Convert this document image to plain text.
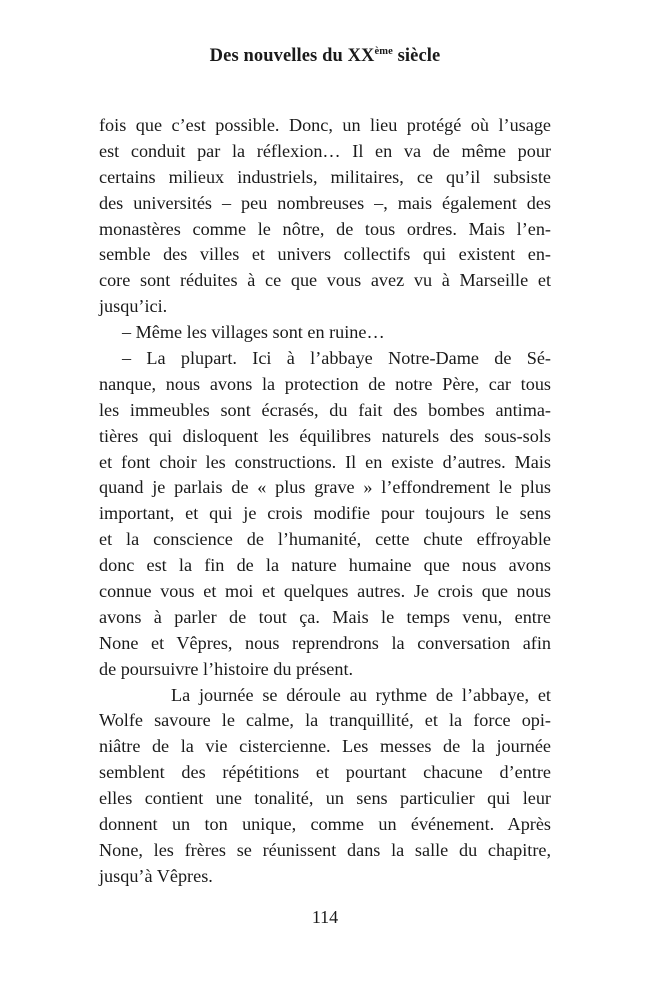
Des nouvelles du XXème siècle
fois que c’est possible. Donc, un lieu protégé où l’usage
est conduit par la réflexion… Il en va de même pour
certains milieux industriels, militaires, ce qu’il subsiste
des universités – peu nombreuses –, mais également des
monastères comme le nôtre, de tous ordres. Mais l’en-
semble des villes et univers collectifs qui existent en-
core sont réduites à ce que vous avez vu à Marseille et
jusqu’ici.
– Même les villages sont en ruine…
– La plupart. Ici à l’abbaye Notre-Dame de Sé-
nanque, nous avons la protection de notre Père, car tous
les immeubles sont écrasés, du fait des bombes antima-
tières qui disloquent les équilibres naturels des sous-sols
et font choir les constructions. Il en existe d’autres. Mais
quand je parlais de « plus grave » l’effondrement le plus
important, et qui je crois modifie pour toujours le sens
et la conscience de l’humanité, cette chute effroyable
donc est la fin de la nature humaine que nous avons
connue vous et moi et quelques autres. Je crois que nous
avons à parler de tout ça. Mais le temps venu, entre
None et Vêpres, nous reprendrons la conversation afin
de poursuivre l’histoire du présent.
La journée se déroule au rythme de l’abbaye, et
Wolfe savoure le calme, la tranquillité, et la force opi-
niâtre de la vie cistercienne. Les messes de la journée
semblent des répétitions et pourtant chacune d’entre
elles contient une tonalité, un sens particulier qui leur
donnent un ton unique, comme un événement. Après
None, les frères se réunissent dans la salle du chapitre,
jusqu’à Vêpres.
114
